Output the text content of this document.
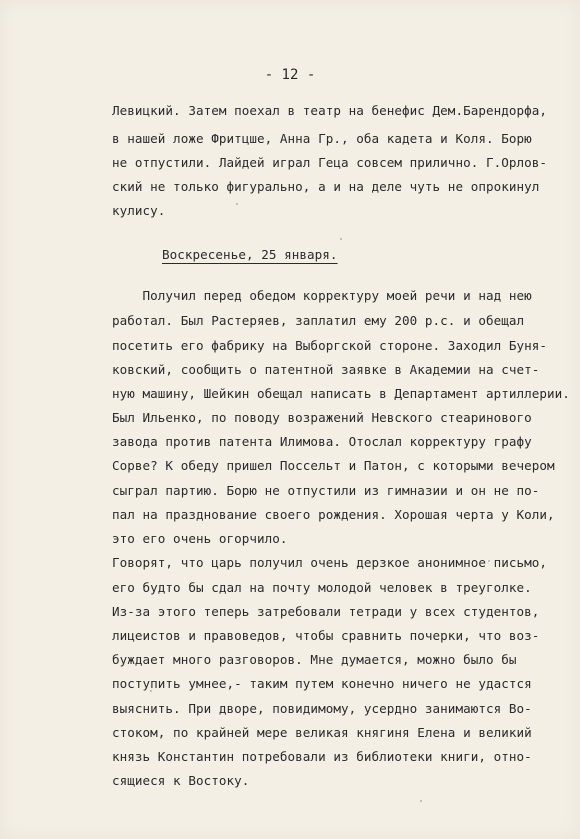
- 12 -
Левицкий. Затем поехал в театр на бенефис Дем.Барендорфа,
в нашей ложе Фритцше, Анна Гр., оба кадета и Коля. Борю
не отпустили. Лайдей играл Геца совсем прилично. Г.Орлов-
ский не только фигурально, а и на деле чуть не опрокинул
кулису.
Воскресенье, 25 января.
Получил перед обедом корректуру моей речи и над нею
работал. Был Растеряев, заплатил ему 200 р.с. и обещал
посетить его фабрику на Выборгской стороне. Заходил Буня-
ковский, сообщить о патентной заявке в Академии на счет-
ную машину, Шейкин обещал написать в Департамент артиллерии.
Был Ильенко, по поводу возражений Невского стеаринового
завода против патента Илимова. Отослал корректуру графу
Сорве? К обеду пришел Поссельт и Патон, с которыми вечером
сыграл партию. Борю не отпустили из гимназии и он не по-
пал на празднование своего рождения. Хорошая черта у Коли,
это его очень огорчило.
Говорят, что царь получил очень дерзкое анонимное письмо,
его будто бы сдал на почту молодой человек в треуголке.
Из-за этого теперь затребовали тетради у всех студентов,
лицеистов и правоведов, чтобы сравнить почерки, что воз-
буждает много разговоров. Мне думается, можно было бы
поступить умнее,- таким путем конечно ничего не удастся
выяснить. При дворе, повидимому, усердно занимаются Во-
стоком, по крайней мере великая княгиня Елена и великий
князь Константин потребовали из библиотеки книги, отно-
сящиеся к Востоку.
